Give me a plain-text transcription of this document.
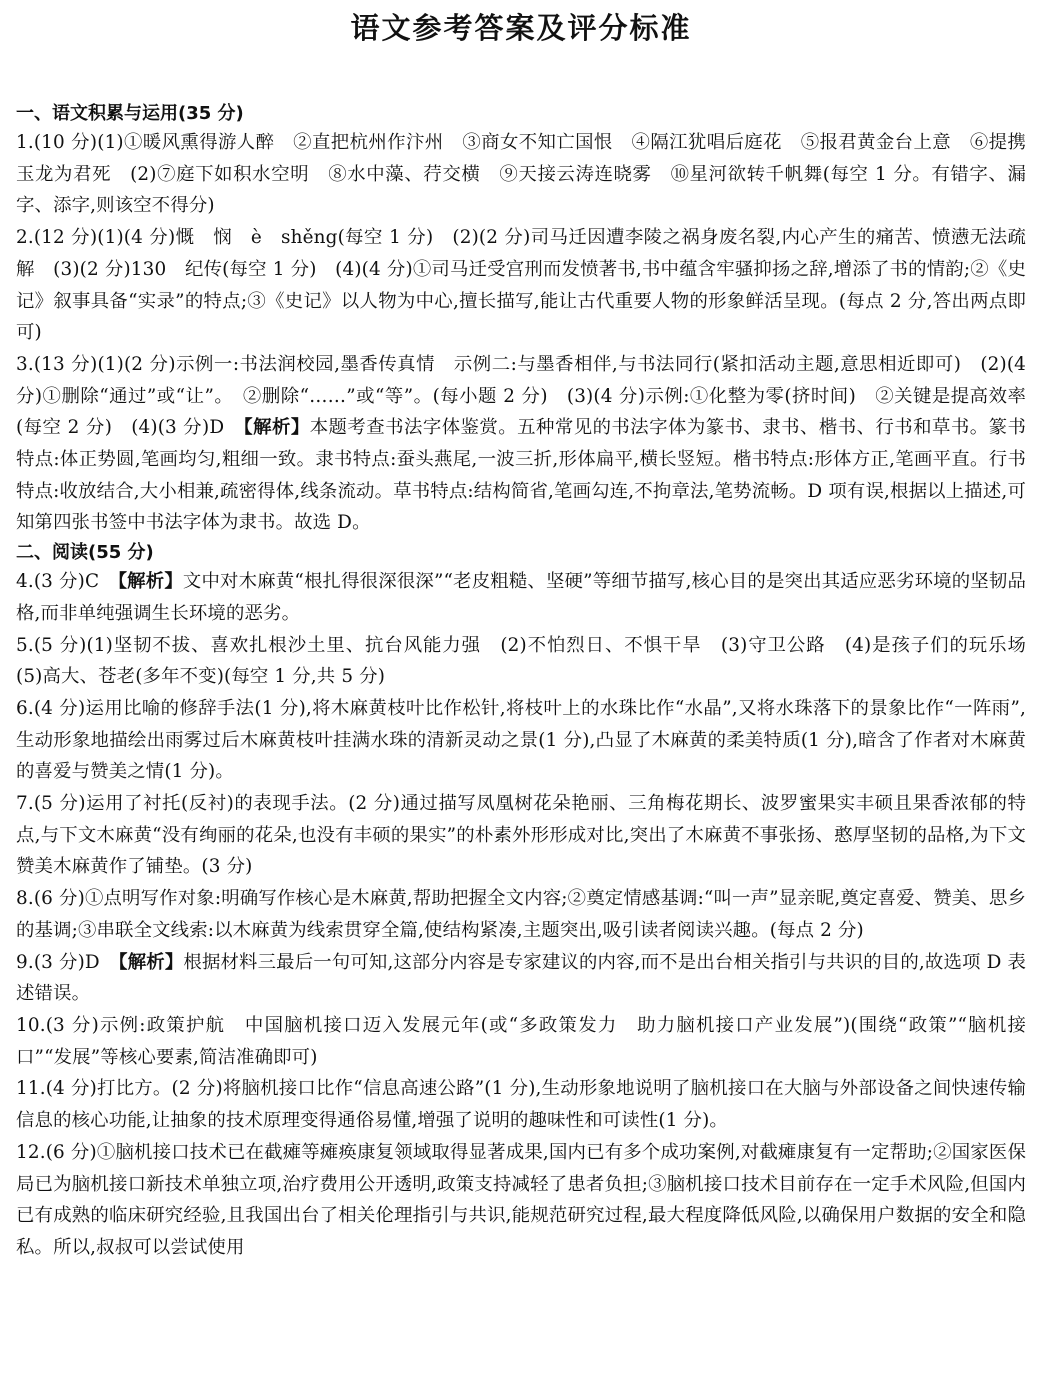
语文参考答案及评分标准
一、语文积累与运用(35 分)
1.(10 分)(1)①暖风熏得游人醉　②直把杭州作汴州　③商女不知亡国恨　④隔江犹唱后庭花　⑤报君黄金台上意　⑥提携玉龙为君死　(2)⑦庭下如积水空明　⑧水中藻、荇交横　⑨天接云涛连晓雾　⑩星河欲转千帆舞(每空 1 分。有错字、漏字、添字,则该空不得分)
2.(12 分)(1)(4 分)慨　悯　è　shěng(每空 1 分)　(2)(2 分)司马迁因遭李陵之祸身废名裂,内心产生的痛苦、愤懑无法疏解　(3)(2 分)130　纪传(每空 1 分)　(4)(4 分)①司马迁受宫刑而发愤著书,书中蕴含牢骚抑扬之辞,增添了书的情韵;②《史记》叙事具备“实录”的特点;③《史记》以人物为中心,擅长描写,能让古代重要人物的形象鲜活呈现。(每点 2 分,答出两点即可)
3.(13 分)(1)(2 分)示例一:书法润校园,墨香传真情　示例二:与墨香相伴,与书法同行(紧扣活动主题,意思相近即可)　(2)(4 分)①删除“通过”或“让”。　②删除“……”或“等”。(每小题 2 分)　(3)(4 分)示例:①化整为零(挤时间)　②关键是提高效率(每空 2 分)　(4)(3 分)D　【解析】本题考查书法字体鉴赏。五种常见的书法字体为篆书、隶书、楷书、行书和草书。篆书特点:体正势圆,笔画均匀,粗细一致。隶书特点:蚕头燕尾,一波三折,形体扁平,横长竖短。楷书特点:形体方正,笔画平直。行书特点:收放结合,大小相兼,疏密得体,线条流动。草书特点:结构简省,笔画勾连,不拘章法,笔势流畅。D 项有误,根据以上描述,可知第四张书签中书法字体为隶书。故选 D。
二、阅读(55 分)
4.(3 分)C　【解析】文中对木麻黄“根扎得很深很深”“老皮粗糙、坚硬”等细节描写,核心目的是突出其适应恶劣环境的坚韧品格,而非单纯强调生长环境的恶劣。
5.(5 分)(1)坚韧不拔、喜欢扎根沙土里、抗台风能力强　(2)不怕烈日、不惧干旱　(3)守卫公路　(4)是孩子们的玩乐场　(5)高大、苍老(多年不变)(每空 1 分,共 5 分)
6.(4 分)运用比喻的修辞手法(1 分),将木麻黄枝叶比作松针,将枝叶上的水珠比作“水晶”,又将水珠落下的景象比作“一阵雨”,生动形象地描绘出雨雾过后木麻黄枝叶挂满水珠的清新灵动之景(1 分),凸显了木麻黄的柔美特质(1 分),暗含了作者对木麻黄的喜爱与赞美之情(1 分)。
7.(5 分)运用了衬托(反衬)的表现手法。(2 分)通过描写凤凰树花朵艳丽、三角梅花期长、波罗蜜果实丰硕且果香浓郁的特点,与下文木麻黄“没有绚丽的花朵,也没有丰硕的果实”的朴素外形形成对比,突出了木麻黄不事张扬、憨厚坚韧的品格,为下文赞美木麻黄作了铺垫。(3 分)
8.(6 分)①点明写作对象:明确写作核心是木麻黄,帮助把握全文内容;②奠定情感基调:“叫一声”显亲昵,奠定喜爱、赞美、思乡的基调;③串联全文线索:以木麻黄为线索贯穿全篇,使结构紧凑,主题突出,吸引读者阅读兴趣。(每点 2 分)
9.(3 分)D　【解析】根据材料三最后一句可知,这部分内容是专家建议的内容,而不是出台相关指引与共识的目的,故选项 D 表述错误。
10.(3 分)示例:政策护航　中国脑机接口迈入发展元年(或“多政策发力　助力脑机接口产业发展”)(围绕“政策”“脑机接口”“发展”等核心要素,简洁准确即可)
11.(4 分)打比方。(2 分)将脑机接口比作“信息高速公路”(1 分),生动形象地说明了脑机接口在大脑与外部设备之间快速传输信息的核心功能,让抽象的技术原理变得通俗易懂,增强了说明的趣味性和可读性(1 分)。
12.(6 分)①脑机接口技术已在截瘫等瘫痪康复领域取得显著成果,国内已有多个成功案例,对截瘫康复有一定帮助;②国家医保局已为脑机接口新技术单独立项,治疗费用公开透明,政策支持减轻了患者负担;③脑机接口技术目前存在一定手术风险,但国内已有成熟的临床研究经验,且我国出台了相关伦理指引与共识,能规范研究过程,最大程度降低风险,以确保用户数据的安全和隐私。所以,叔叔可以尝试使用
